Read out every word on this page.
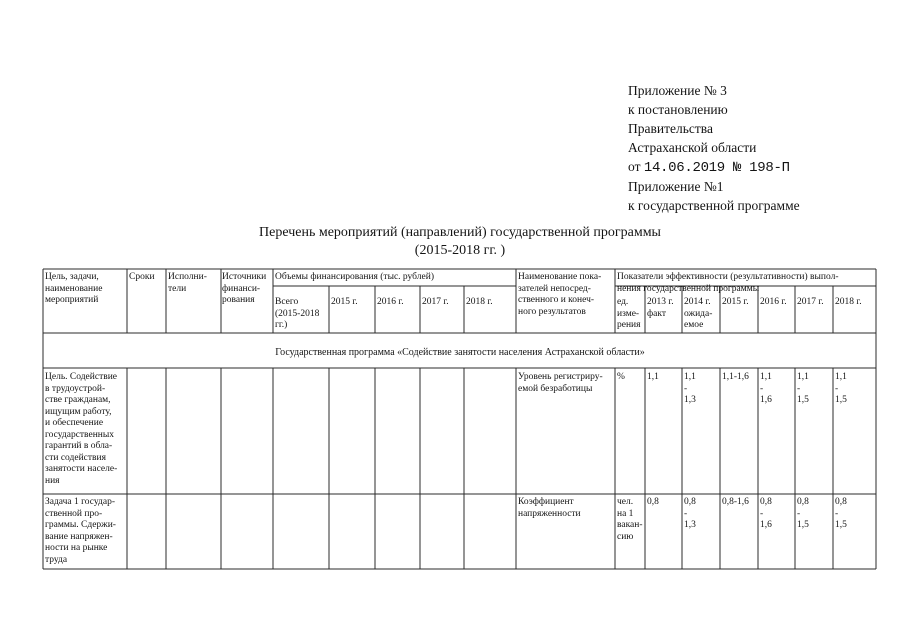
Приложение № 3
к постановлению
Правительства
Астраханской области
от 14.06.2019 № 198-П
Приложение №1
к государственной программе
Перечень мероприятий (направлений) государственной программы
(2015-2018 гг. )
Цель, задачи,
наименование
мероприятий
Сроки Исполни-
тели
Источники
финанси-
рования
Объемы финансирования (тыс. рублей)
Всего
(2015-2018
гг.)
2015 г. 2016 г. 2017 г. 2018 г.
Наименование пока-
зателей непосред-
ственного и конеч-
ного результатов
Показатели эффективности (результативности) выпол-
нения государственной программы
ед.
изме-
рения
2013 г.
факт
2014 г.
ожида-
емое
2015 г. 2016 г. 2017 г. 2018 г.
Государственная программа «Содействие занятости населения Астраханской области»
Цель. Содействие
в трудоустрой-
стве гражданам,
ищущим работу,
и обеспечение
государственных
гарантий в обла-
сти содействия
занятости населе-
ния
Уровень регистриру-
емой безработицы
% 1,1	1,1
-
1,3
1,1-1,6 1,1
-
1,6
1,1
-
1,5
1,1
-
1,5
Задача 1 государ-
ственной про-
граммы. Сдержи-
вание напряжен-
ности на рынке
труда
Коэффициент
напряженности
чел.
на 1
вакан-
сию
0,8	0,8
-
1,3
0,8-1,6 0,8
-
1,6
0,8
-
1,5
0,8
-
1,5
